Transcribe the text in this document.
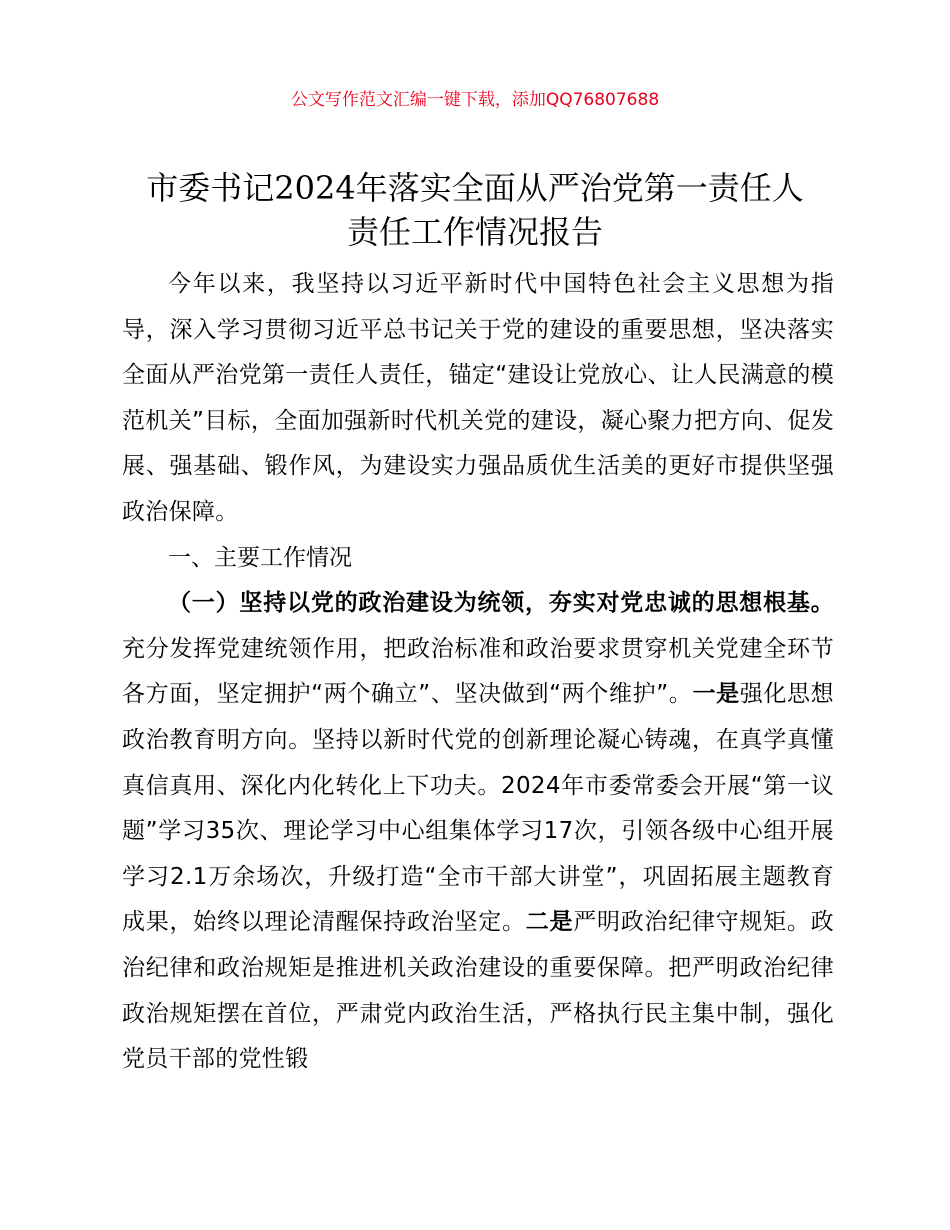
公文写作范文汇编一键下载，添加QQ76807688
市委书记2024年落实全面从严治党第一责任人
责任工作情况报告

今年以来，我坚持以习近平新时代中国特色社会主义思想为指导，深入学习贯彻习近平总书记关于党的建设的重要思想，坚决落实全面从严治党第一责任人责任，锚定“建设让党放心、让人民满意的模范机关”目标，全面加强新时代机关党的建设，凝心聚力把方向、促发展、强基础、锻作风，为建设实力强品质优生活美的更好市提供坚强政治保障。

一、主要工作情况

（一）坚持以党的政治建设为统领，夯实对党忠诚的思想根基。充分发挥党建统领作用，把政治标准和政治要求贯穿机关党建全环节各方面，坚定拥护“两个确立”、坚决做到“两个维护”。一是强化思想政治教育明方向。坚持以新时代党的创新理论凝心铸魂，在真学真懂真信真用、深化内化转化上下功夫。2024年市委常委会开展“第一议题”学习35次、理论学习中心组集体学习17次，引领各级中心组开展学习2.1万余场次，升级打造“全市干部大讲堂”，巩固拓展主题教育成果，始终以理论清醒保持政治坚定。二是严明政治纪律守规矩。政治纪律和政治规矩是推进机关政治建设的重要保障。把严明政治纪律政治规矩摆在首位，严肃党内政治生活，严格执行民主集中制，强化党员干部的党性锻
